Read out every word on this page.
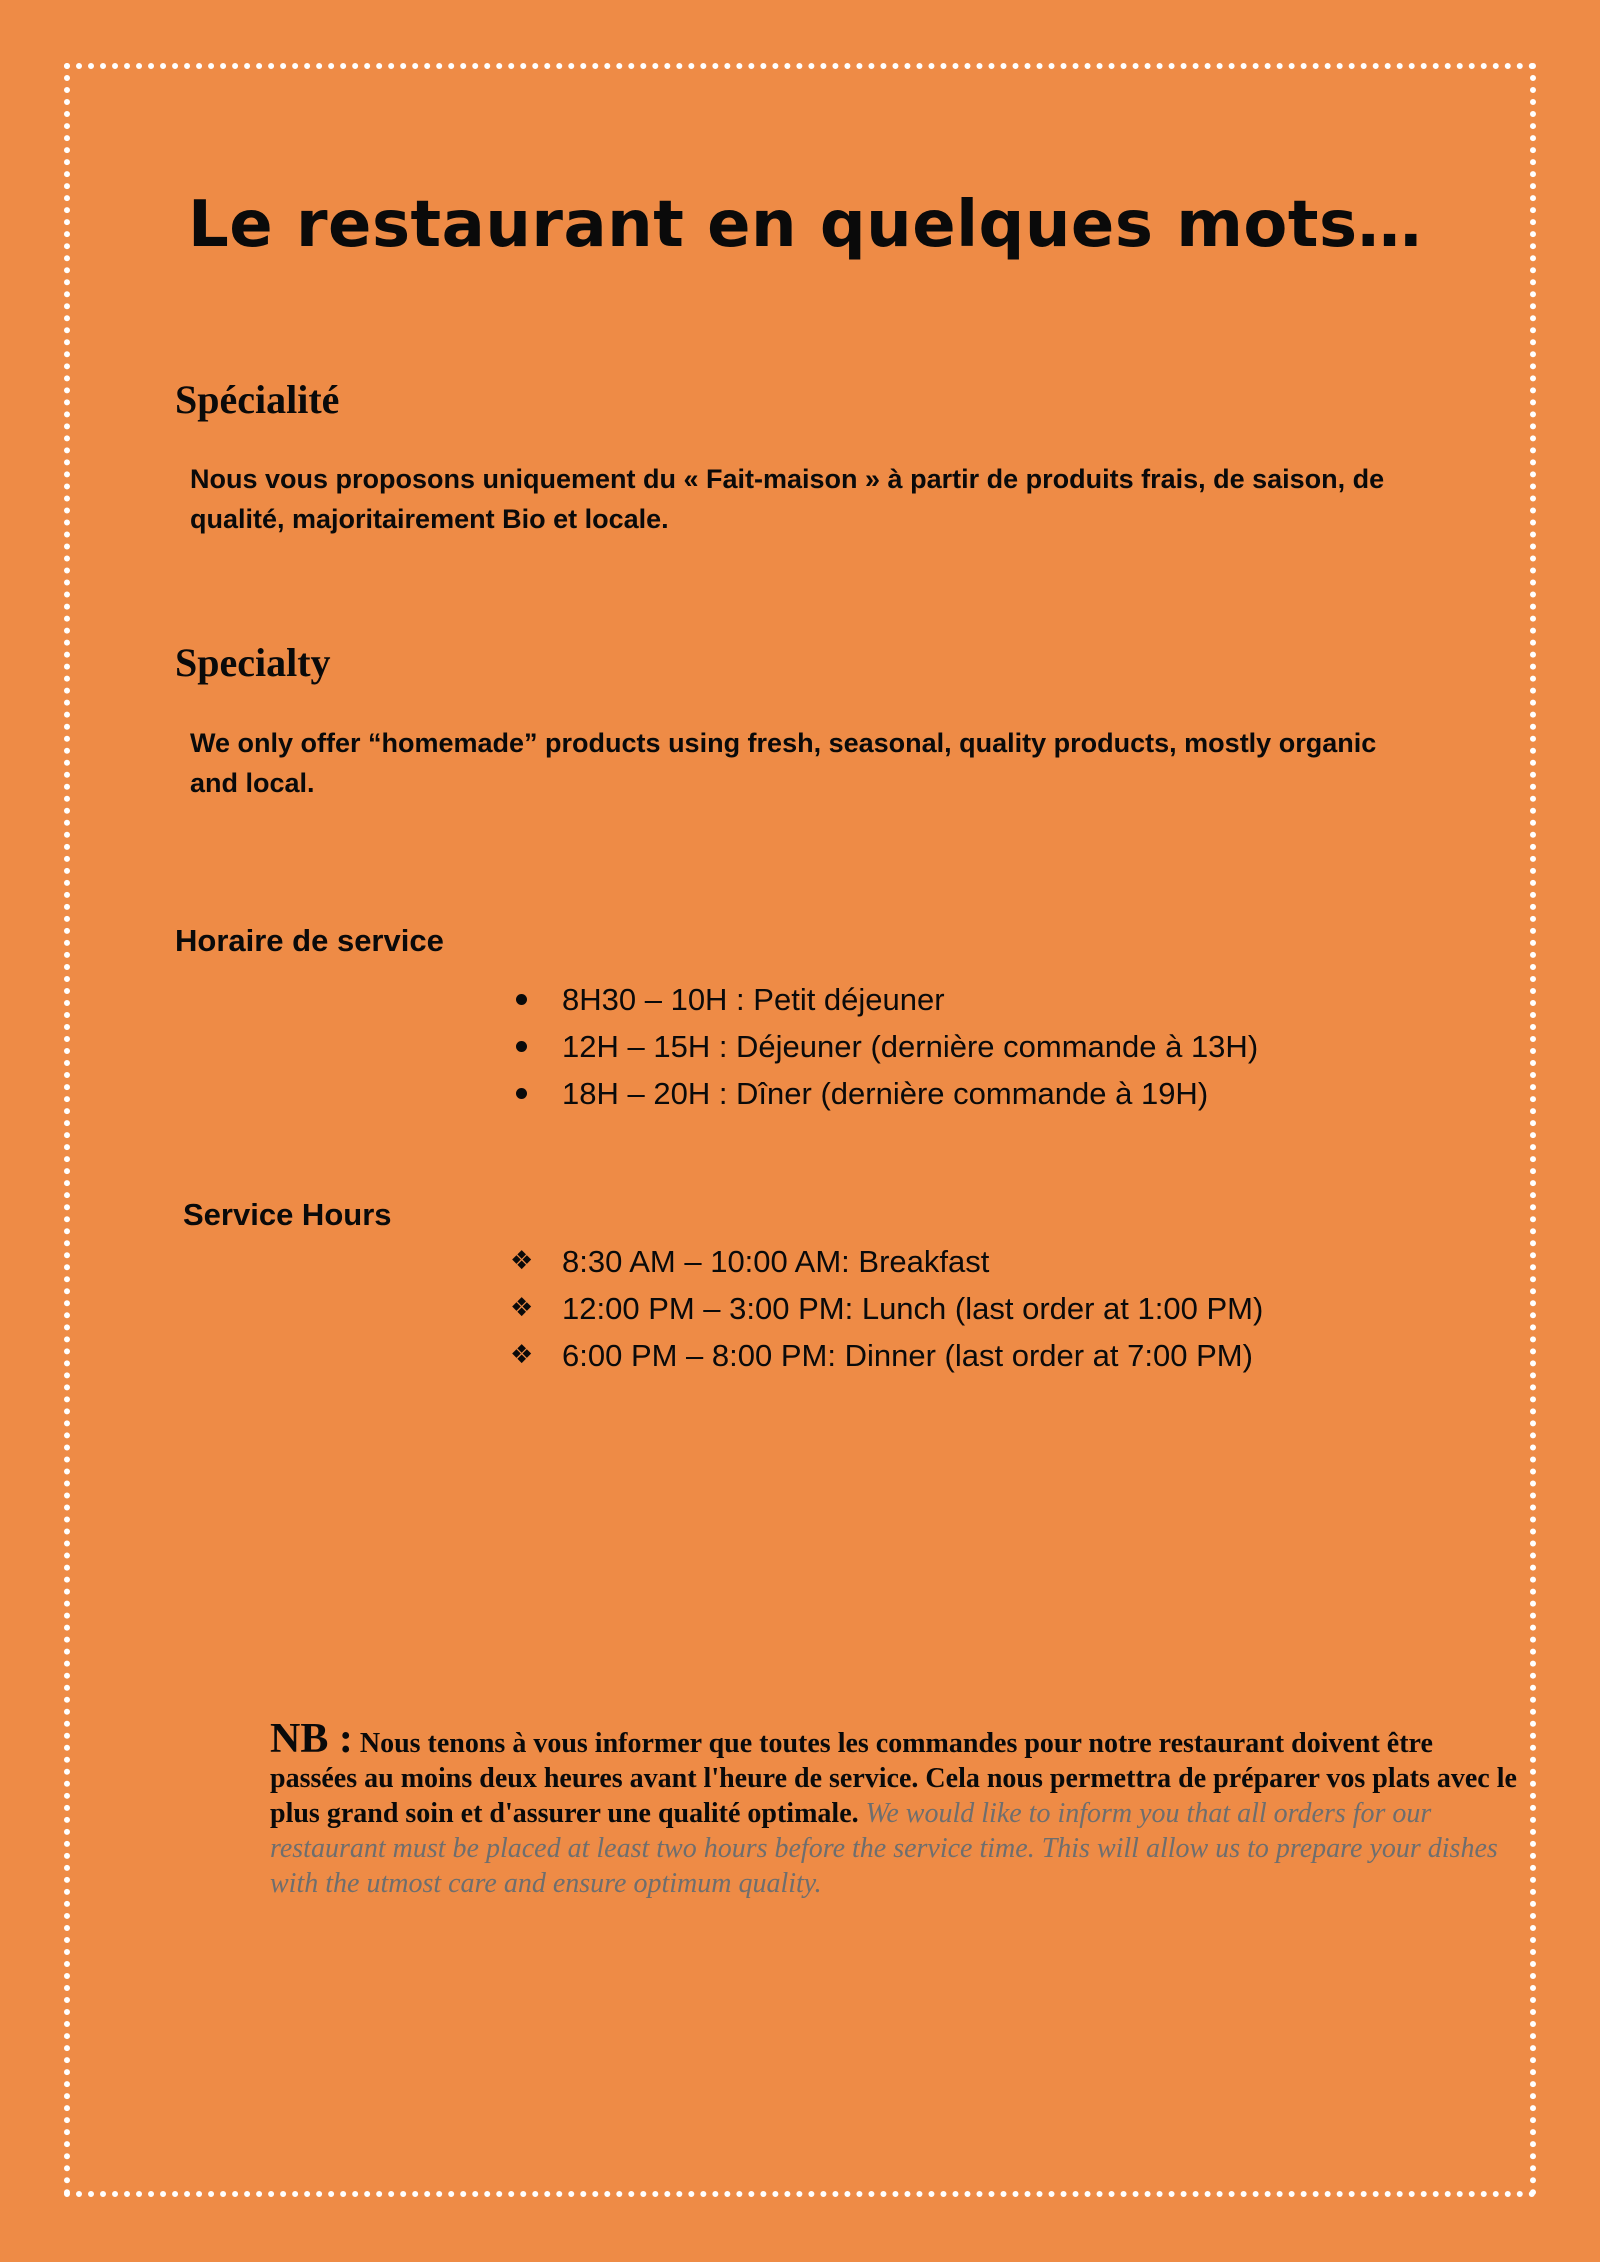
Le restaurant en quelques mots…
Spécialité

Nous vous proposons uniquement du « Fait-maison » à partir de produits frais, de saison, de qualité, majoritairement Bio et locale.

Specialty

We only offer “homemade” products using fresh, seasonal, quality products, mostly organic and local.

Horaire de service
8H30 – 10H : Petit déjeuner
12H – 15H : Déjeuner (dernière commande à 13H)
18H – 20H : Dîner (dernière commande à 19H)
Service Hours
❖ 8:30 AM – 10:00 AM: Breakfast
❖ 12:00 PM – 3:00 PM: Lunch (last order at 1:00 PM)
❖ 6:00 PM – 8:00 PM: Dinner (last order at 7:00 PM)

NB : Nous tenons à vous informer que toutes les commandes pour notre restaurant doivent être passées au moins deux heures avant l'heure de service. Cela nous permettra de préparer vos plats avec le plus grand soin et d'assurer une qualité optimale. We would like to inform you that all orders for our restaurant must be placed at least two hours before the service time. This will allow us to prepare your dishes with the utmost care and ensure optimum quality.
